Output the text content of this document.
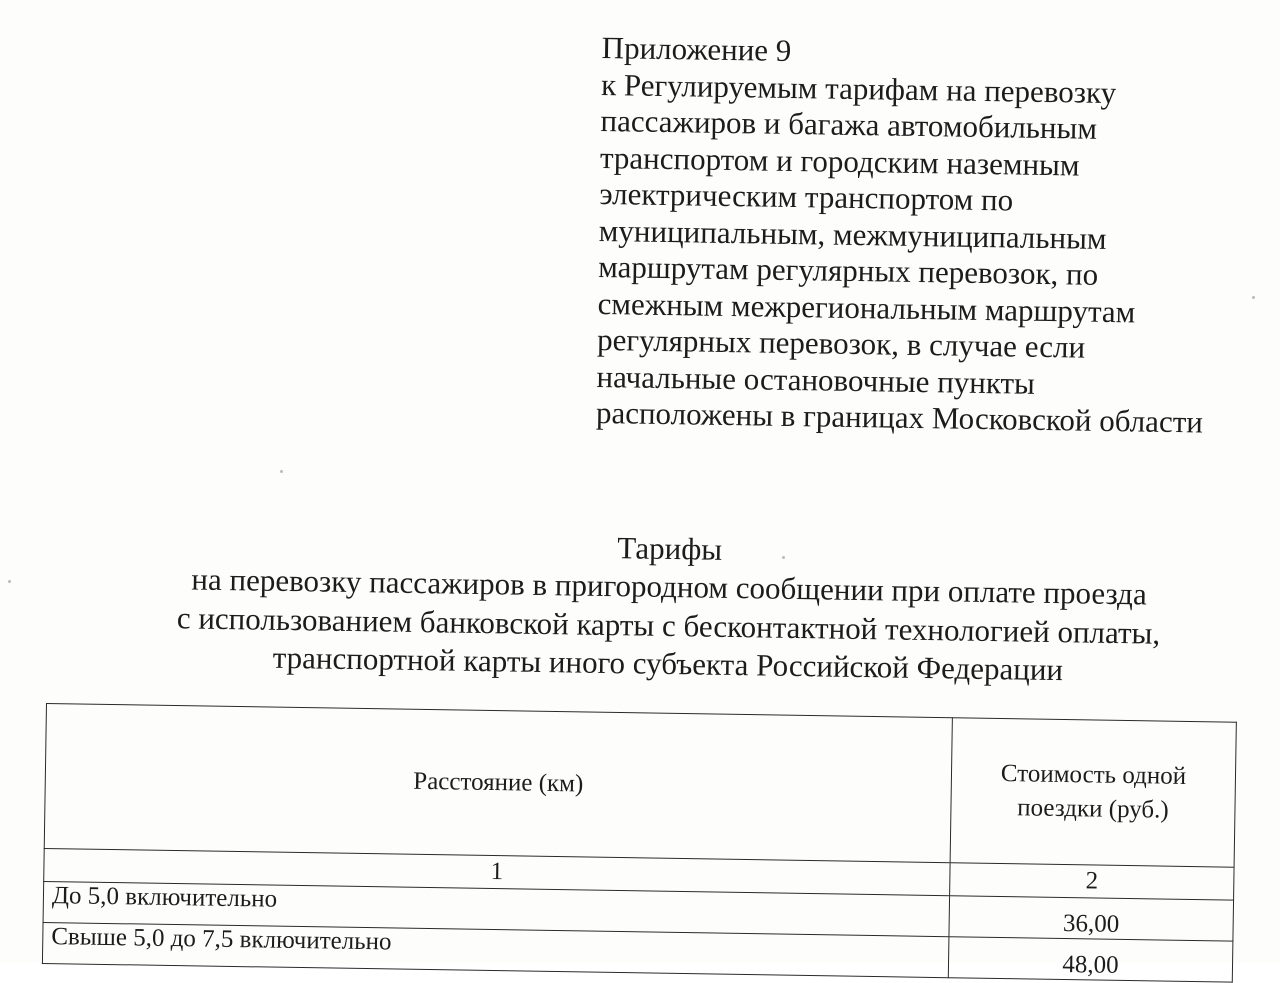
Приложение 9
к Регулируемым тарифам на перевозку
пассажиров и багажа автомобильным
транспортом и городским наземным
электрическим транспортом по
муниципальным, межмуниципальным
маршрутам регулярных перевозок, по
смежным межрегиональным маршрутам
регулярных перевозок, в случае если
начальные остановочные пункты
расположены в границах Московской области
Тарифы
на перевозку пассажиров в пригородном сообщении при оплате проезда
с использованием банковской карты с бесконтактной технологией оплаты,
транспортной карты иного субъекта Российской Федерации
Расстояние (км)	Стоимость одной поездки (руб.)
1	2
До 5,0 включительно	36,00
Свыше 5,0 до 7,5 включительно	48,00
